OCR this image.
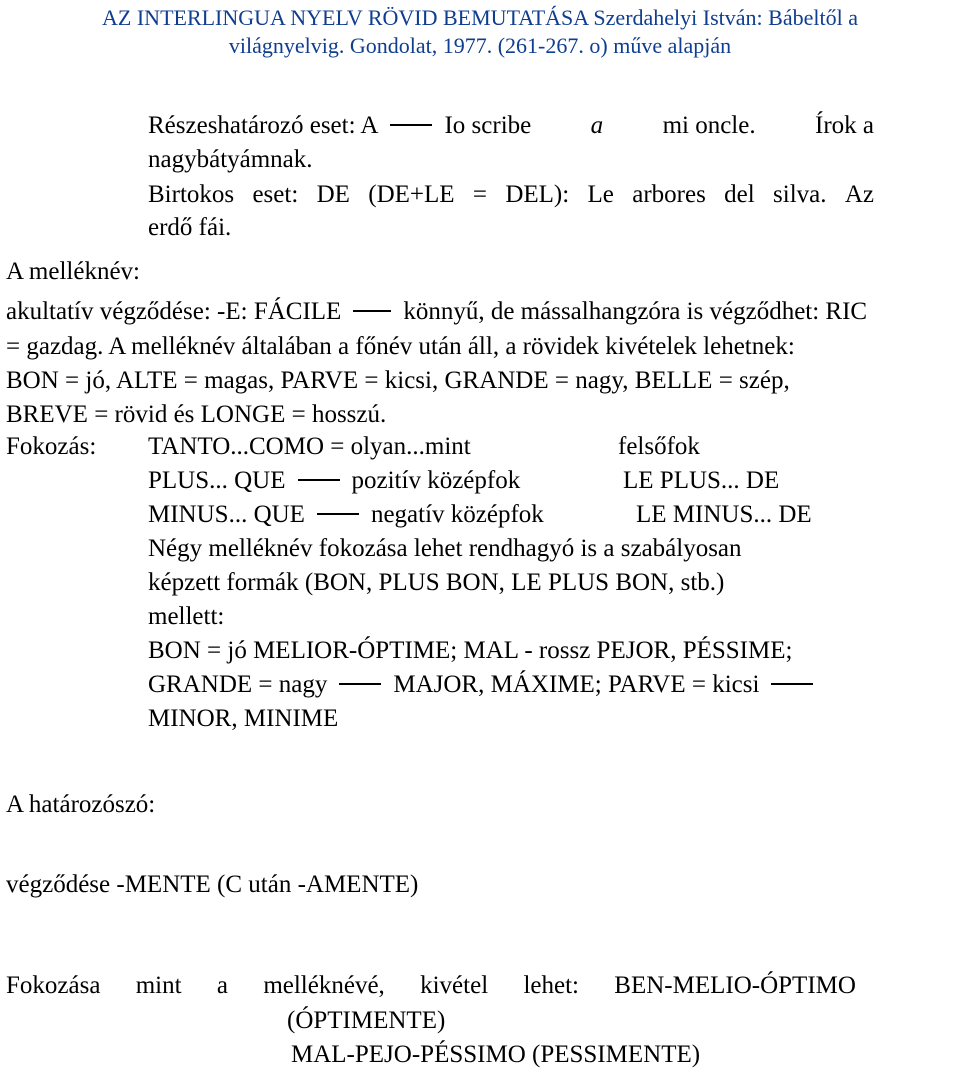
AZ INTERLINGUA NYELV RÖVID BEMUTATÁSA Szerdahelyi István: Bábeltől a
világnyelvig. Gondolat, 1977. (261-267. o) műve alapján
Részeshatározó eset: A	Io scribe a mi oncle. Írok a
nagybátyámnak.
Birtokos eset: DE (DE+LE = DEL): Le arbores del silva. Az
erdő fái.
A melléknév:
akultatív végződése: -E: FÁCILE könnyű, de mássalhangzóra is végződhet: RIC
= gazdag. A melléknév általában a főnév után áll, a rövidek kivételek lehetnek:
BON = jó, ALTE = magas, PARVE = kicsi, GRANDE = nagy, BELLE = szép,
BREVE = rövid és LONGE = hosszú.
Fokozás: TANTO...COMO = olyan...mint	felsőfok
PLUS... QUE	pozitív középfok	LE PLUS... DE
MINUS... QUE	negatív középfok	LE MINUS... DE
Négy melléknév fokozása lehet rendhagyó is a szabályosan
képzett formák (BON, PLUS BON, LE PLUS BON, stb.)
mellett:
BON = jó MELIOR-ÓPTIME; MAL - rossz PEJOR, PÉSSIME;
GRANDE = nagy	MAJOR, MÁXIME; PARVE = kicsi
MINOR, MINIME
A határozószó:
végződése -MENTE (C után -AMENTE)
Fokozása mint a melléknévé, kivétel lehet: BEN-MELIO-ÓPTIMO
(ÓPTIMENTE)
MAL-PEJO-PÉSSIMO (PESSIMENTE)
